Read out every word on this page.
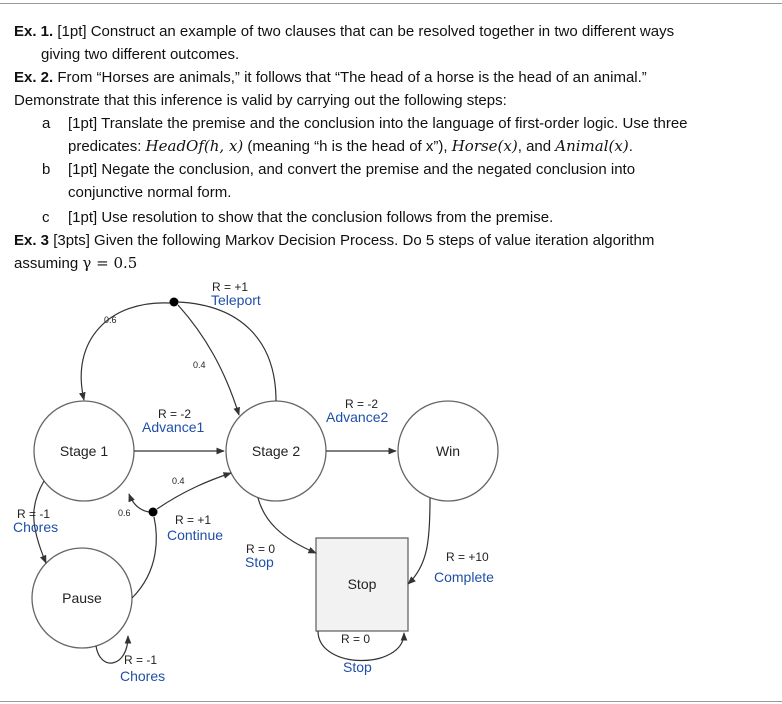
Ex. 1. [1pt] Construct an example of two clauses that can be resolved together in two different ways
giving two different outcomes.
Ex. 2. From “Horses are animals,” it follows that “The head of a horse is the head of an animal.”
Demonstrate that this inference is valid by carrying out the following steps:
a [1pt] Translate the premise and the conclusion into the language of first-order logic. Use three
predicates: HeadOf(h, x) (meaning “h is the head of x”), Horse(x), and Animal(x).
b [1pt] Negate the conclusion, and convert the premise and the negated conclusion into
conjunctive normal form.
c [1pt] Use resolution to show that the conclusion follows from the premise.
Ex. 3 [3pts] Given the following Markov Decision Process. Do 5 steps of value iteration algorithm
assuming γ = 0.5
Stage 1	Stage 2	Win
Pause
Stop
R = +1
Teleport
0.6
0.4
R = -2
Advance1
R = -2
Advance2
0.4
0.6	R = +1
Continue
R = -1
Chores
R = -1
Chores
R = 0
Stop	R = +10
Complete
R = 0
Stop
